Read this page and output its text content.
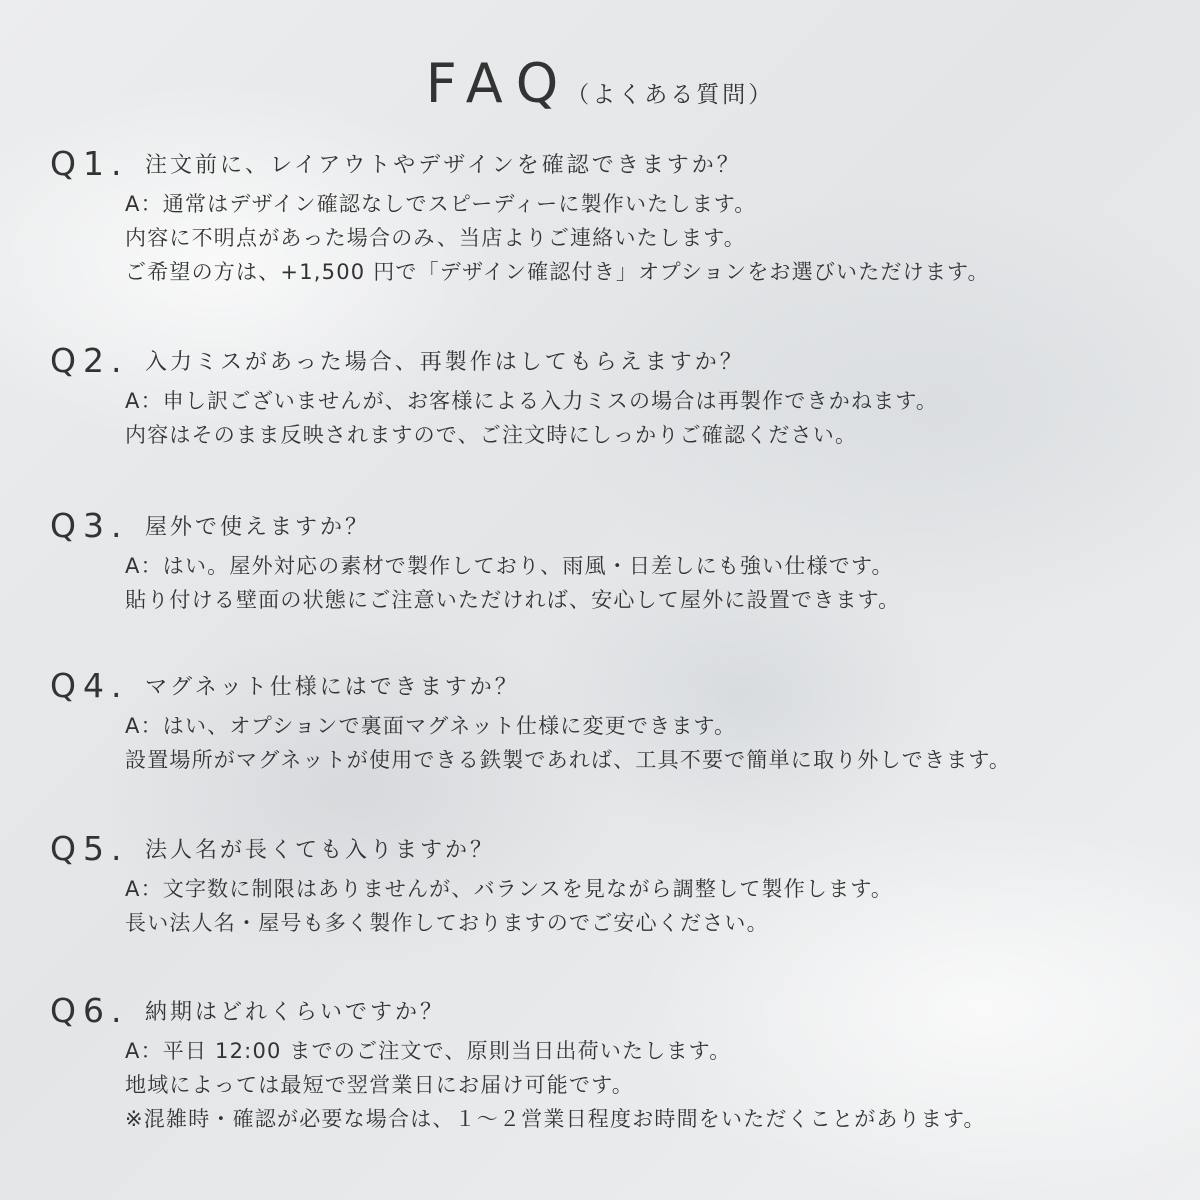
FAQ（よくある質問）
Q1. 注文前に、レイアウトやデザインを確認できますか？
A：通常はデザイン確認なしでスピーディーに製作いたします。
内容に不明点があった場合のみ、当店よりご連絡いたします。
ご希望の方は、+1,500 円で「デザイン確認付き」オプションをお選びいただけます。
Q2. 入力ミスがあった場合、再製作はしてもらえますか？
A：申し訳ございませんが、お客様による入力ミスの場合は再製作できかねます。
内容はそのまま反映されますので、ご注文時にしっかりご確認ください。
Q3. 屋外で使えますか？
A：はい。屋外対応の素材で製作しており、雨風・日差しにも強い仕様です。
貼り付ける壁面の状態にご注意いただければ、安心して屋外に設置できます。
Q4. マグネット仕様にはできますか？
A：はい、オプションで裏面マグネット仕様に変更できます。
設置場所がマグネットが使用できる鉄製であれば、工具不要で簡単に取り外しできます。
Q5. 法人名が長くても入りますか？
A：文字数に制限はありませんが、バランスを見ながら調整して製作します。
長い法人名・屋号も多く製作しておりますのでご安心ください。
Q6. 納期はどれくらいですか？
A：平日 12:00 までのご注文で、原則当日出荷いたします。
地域によっては最短で翌営業日にお届け可能です。
※混雑時・確認が必要な場合は、１～２営業日程度お時間をいただくことがあります。
